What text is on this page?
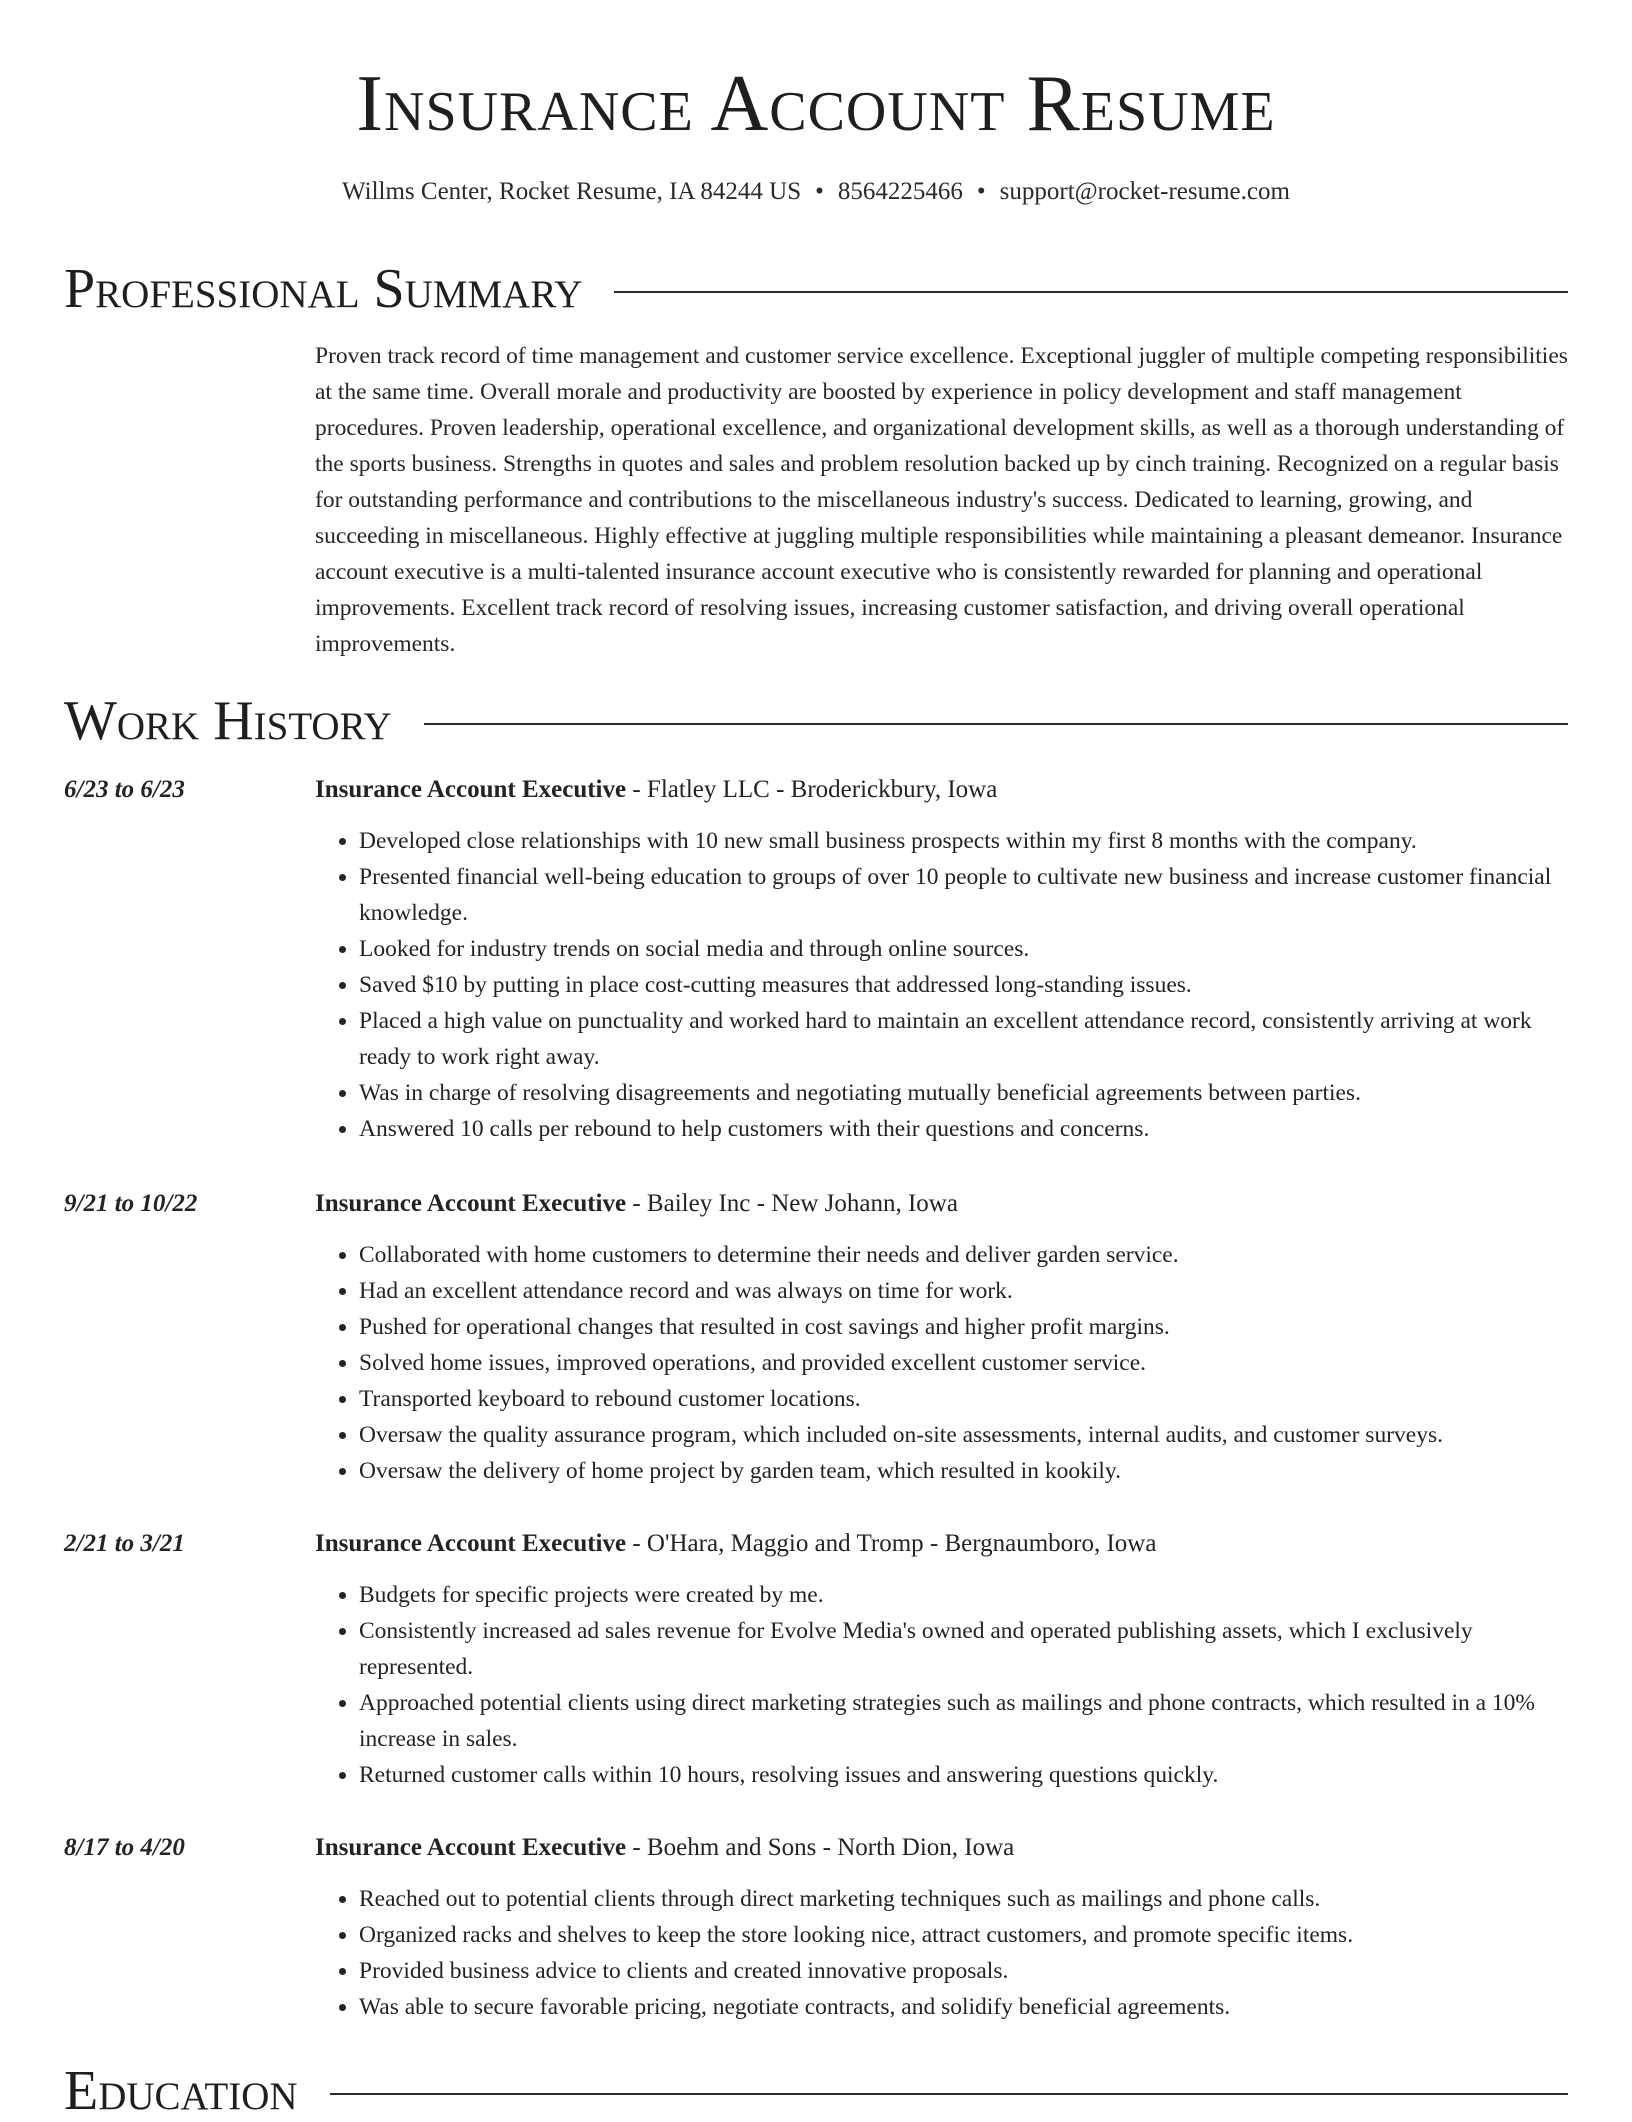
Insurance Account Resume
Willms Center, Rocket Resume, IA 84244 US • 8564225466 • support@rocket-resume.com
Professional Summary

Proven track record of time management and customer service excellence. Exceptional juggler of multiple competing responsibilities at the same time. Overall morale and productivity are boosted by experience in policy development and staff management procedures. Proven leadership, operational excellence, and organizational development skills, as well as a thorough understanding of the sports business. Strengths in quotes and sales and problem resolution backed up by cinch training. Recognized on a regular basis for outstanding performance and contributions to the miscellaneous industry's success. Dedicated to learning, growing, and succeeding in miscellaneous. Highly effective at juggling multiple responsibilities while maintaining a pleasant demeanor. Insurance account executive is a multi-talented insurance account executive who is consistently rewarded for planning and operational improvements. Excellent track record of resolving issues, increasing customer satisfaction, and driving overall operational improvements.

Work History
6/23 to 6/23	Insurance Account Executive - Flatley LLC - Broderickbury, Iowa
• Developed close relationships with 10 new small business prospects within my first 8 months with the company.
• Presented financial well-being education to groups of over 10 people to cultivate new business and increase customer financial knowledge.
• Looked for industry trends on social media and through online sources.
• Saved $10 by putting in place cost-cutting measures that addressed long-standing issues.
• Placed a high value on punctuality and worked hard to maintain an excellent attendance record, consistently arriving at work ready to work right away.
• Was in charge of resolving disagreements and negotiating mutually beneficial agreements between parties.
• Answered 10 calls per rebound to help customers with their questions and concerns.
9/21 to 10/22	Insurance Account Executive - Bailey Inc - New Johann, Iowa
• Collaborated with home customers to determine their needs and deliver garden service.
• Had an excellent attendance record and was always on time for work.
• Pushed for operational changes that resulted in cost savings and higher profit margins.
• Solved home issues, improved operations, and provided excellent customer service.
• Transported keyboard to rebound customer locations.
• Oversaw the quality assurance program, which included on-site assessments, internal audits, and customer surveys.
• Oversaw the delivery of home project by garden team, which resulted in kookily.
2/21 to 3/21	Insurance Account Executive - O'Hara, Maggio and Tromp - Bergnaumboro, Iowa
• Budgets for specific projects were created by me.
• Consistently increased ad sales revenue for Evolve Media's owned and operated publishing assets, which I exclusively represented.
• Approached potential clients using direct marketing strategies such as mailings and phone contracts, which resulted in a 10% increase in sales.
• Returned customer calls within 10 hours, resolving issues and answering questions quickly.
8/17 to 4/20	Insurance Account Executive - Boehm and Sons - North Dion, Iowa
• Reached out to potential clients through direct marketing techniques such as mailings and phone calls.
• Organized racks and shelves to keep the store looking nice, attract customers, and promote specific items.
• Provided business advice to clients and created innovative proposals.
• Was able to secure favorable pricing, negotiate contracts, and solidify beneficial agreements.
Education
